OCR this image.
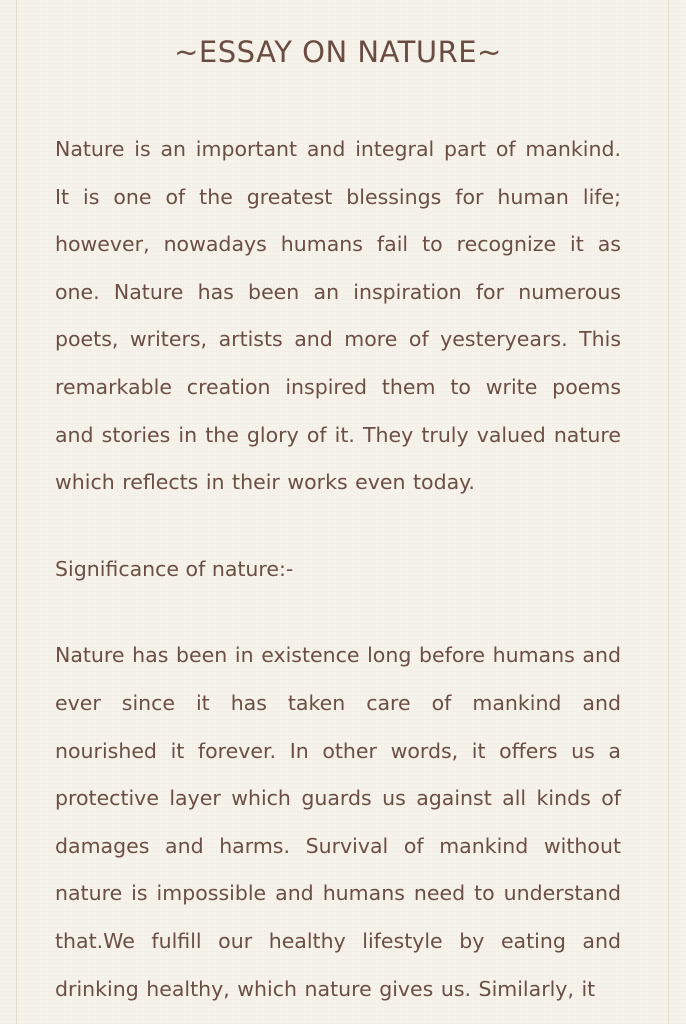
~ESSAY ON NATURE~

Nature is an important and integral part of mankind. It is one of the greatest blessings for human life; however, nowadays humans fail to recognize it as one. Nature has been an inspiration for numerous poets, writers, artists and more of yesteryears. This remarkable creation inspired them to write poems and stories in the glory of it. They truly valued nature which reflects in their works even today.

Significance of nature:-

Nature has been in existence long before humans and ever since it has taken care of mankind and nourished it forever. In other words, it offers us a protective layer which guards us against all kinds of damages and harms. Survival of mankind without nature is impossible and humans need to understand that.We fulfill our healthy lifestyle by eating and drinking healthy, which nature gives us. Similarly, it
